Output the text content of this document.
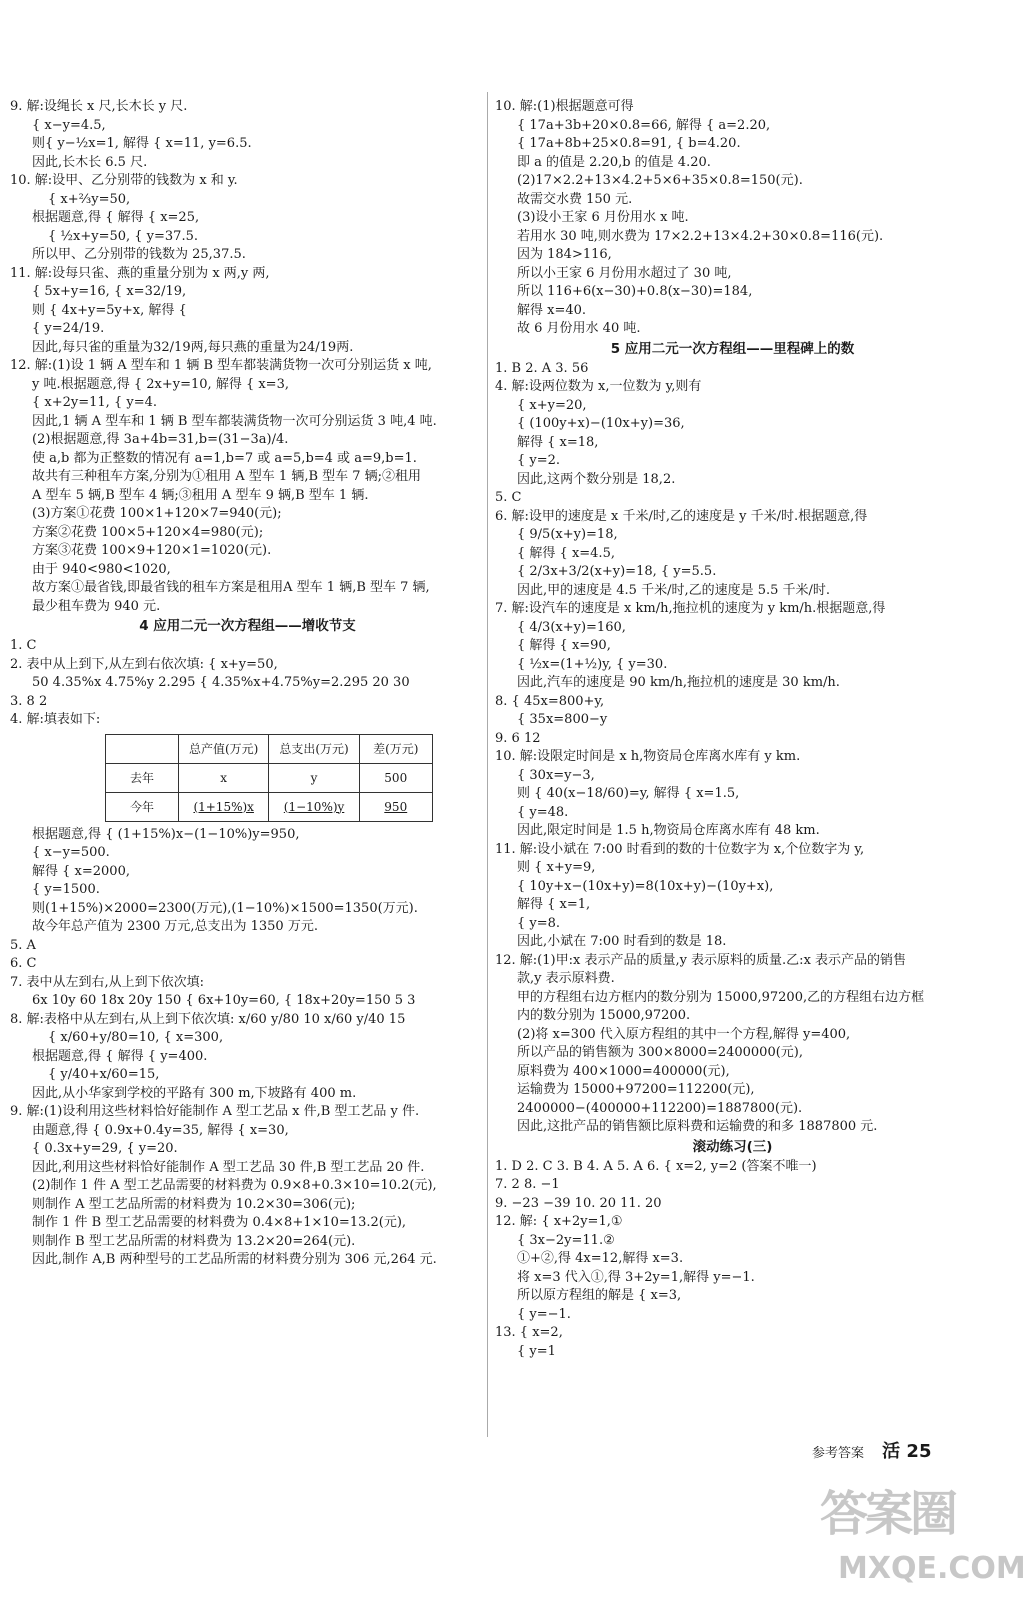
9. 解:设绳长 x 尺,长木长 y 尺.
{ x−y=4.5,
则{ y−½x=1, 解得 { x=11, y=6.5.
因此,长木长 6.5 尺.
10. 解:设甲、乙分别带的钱数为 x 和 y.
{ x+⅔y=50,
根据题意,得 { 解得 { x=25,
{ ½x+y=50, { y=37.5.
所以甲、乙分别带的钱数为 25,37.5.
11. 解:设每只雀、燕的重量分别为 x 两,y 两,
{ 5x+y=16, { x=32/19,
则 { 4x+y=5y+x, 解得 {
{ y=24/19.
因此,每只雀的重量为32/19两,每只燕的重量为24/19两.
12. 解:(1)设 1 辆 A 型车和 1 辆 B 型车都装满货物一次可分别运货 x 吨,
y 吨.根据题意,得 { 2x+y=10, 解得 { x=3,
{ x+2y=11, { y=4.
因此,1 辆 A 型车和 1 辆 B 型车都装满货物一次可分别运货 3 吨,4 吨.
(2)根据题意,得 3a+4b=31,b=(31−3a)/4.
使 a,b 都为正整数的情况有 a=1,b=7 或 a=5,b=4 或 a=9,b=1.
故共有三种租车方案,分别为①租用 A 型车 1 辆,B 型车 7 辆;②租用
A 型车 5 辆,B 型车 4 辆;③租用 A 型车 9 辆,B 型车 1 辆.
(3)方案①花费 100×1+120×7=940(元);
方案②花费 100×5+120×4=980(元);
方案③花费 100×9+120×1=1020(元).
由于 940<980<1020,
故方案①最省钱,即最省钱的租车方案是租用A 型车 1 辆,B 型车 7 辆,
最少租车费为 940 元.
4 应用二元一次方程组——增收节支
1. C
2. 表中从上到下,从左到右依次填: { x+y=50,
50 4.35%x 4.75%y 2.295 { 4.35%x+4.75%y=2.295 20 30
3. 8 2
4. 解:填表如下:
	总产值(万元)	总支出(万元)	差(万元)
去年	x	y	500
今年	(1+15%)x	(1−10%)y	950
根据题意,得 { (1+15%)x−(1−10%)y=950,
{ x−y=500.
解得 { x=2000,
{ y=1500.
则(1+15%)×2000=2300(万元),(1−10%)×1500=1350(万元).
故今年总产值为 2300 万元,总支出为 1350 万元.
5. A
6. C
7. 表中从左到右,从上到下依次填:
6x 10y 60 18x 20y 150 { 6x+10y=60, { 18x+20y=150 5 3
8. 解:表格中从左到右,从上到下依次填: x/60 y/80 10 x/60 y/40 15
{ x/60+y/80=10, { x=300,
根据题意,得 { 解得 { y=400.
{ y/40+x/60=15,
因此,从小华家到学校的平路有 300 m,下坡路有 400 m.
9. 解:(1)设利用这些材料恰好能制作 A 型工艺品 x 件,B 型工艺品 y 件.
由题意,得 { 0.9x+0.4y=35, 解得 { x=30,
{ 0.3x+y=29, { y=20.
因此,利用这些材料恰好能制作 A 型工艺品 30 件,B 型工艺品 20 件.
(2)制作 1 件 A 型工艺品需要的材料费为 0.9×8+0.3×10=10.2(元),
则制作 A 型工艺品所需的材料费为 10.2×30=306(元);
制作 1 件 B 型工艺品需要的材料费为 0.4×8+1×10=13.2(元),
则制作 B 型工艺品所需的材料费为 13.2×20=264(元).
因此,制作 A,B 两种型号的工艺品所需的材料费分别为 306 元,264 元.
10. 解:(1)根据题意可得
{ 17a+3b+20×0.8=66, 解得 { a=2.20,
{ 17a+8b+25×0.8=91, { b=4.20.
即 a 的值是 2.20,b 的值是 4.20.
(2)17×2.2+13×4.2+5×6+35×0.8=150(元).
故需交水费 150 元.
(3)设小王家 6 月份用水 x 吨.
若用水 30 吨,则水费为 17×2.2+13×4.2+30×0.8=116(元).
因为 184>116,
所以小王家 6 月份用水超过了 30 吨,
所以 116+6(x−30)+0.8(x−30)=184,
解得 x=40.
故 6 月份用水 40 吨.
5 应用二元一次方程组——里程碑上的数
1. B 2. A 3. 56
4. 解:设两位数为 x,一位数为 y,则有
{ x+y=20,
{ (100y+x)−(10x+y)=36,
解得 { x=18,
{ y=2.
因此,这两个数分别是 18,2.
5. C
6. 解:设甲的速度是 x 千米/时,乙的速度是 y 千米/时.根据题意,得
{ 9/5(x+y)=18,
{ 解得 { x=4.5,
{ 2/3x+3/2(x+y)=18, { y=5.5.
因此,甲的速度是 4.5 千米/时,乙的速度是 5.5 千米/时.
7. 解:设汽车的速度是 x km/h,拖拉机的速度为 y km/h.根据题意,得
{ 4/3(x+y)=160,
{ 解得 { x=90,
{ ½x=(1+½)y, { y=30.
因此,汽车的速度是 90 km/h,拖拉机的速度是 30 km/h.
8. { 45x=800+y,
{ 35x=800−y
9. 6 12
10. 解:设限定时间是 x h,物资局仓库离水库有 y km.
{ 30x=y−3,
则 { 40(x−18/60)=y, 解得 { x=1.5,
{ y=48.
因此,限定时间是 1.5 h,物资局仓库离水库有 48 km.
11. 解:设小斌在 7:00 时看到的数的十位数字为 x,个位数字为 y,
则 { x+y=9,
{ 10y+x−(10x+y)=8(10x+y)−(10y+x),
解得 { x=1,
{ y=8.
因此,小斌在 7:00 时看到的数是 18.
12. 解:(1)甲:x 表示产品的质量,y 表示原料的质量.乙:x 表示产品的销售
款,y 表示原料费.
甲的方程组右边方框内的数分别为 15000,97200,乙的方程组右边方框
内的数分别为 15000,97200.
(2)将 x=300 代入原方程组的其中一个方程,解得 y=400,
所以产品的销售额为 300×8000=2400000(元),
原料费为 400×1000=400000(元),
运输费为 15000+97200=112200(元),
2400000−(400000+112200)=1887800(元).
因此,这批产品的销售额比原料费和运输费的和多 1887800 元.
滚动练习(三)
1. D 2. C 3. B 4. A 5. A 6. { x=2, y=2 (答案不唯一)
7. 2 8. −1
9. −23 −39 10. 20 11. 20
12. 解: { x+2y=1,①
{ 3x−2y=11.②
①+②,得 4x=12,解得 x=3.
将 x=3 代入①,得 3+2y=1,解得 y=−1.
所以原方程组的解是 { x=3,
{ y=−1.
13. { x=2,
{ y=1
参考答案 活 25
答案圈
MXQE.COM
